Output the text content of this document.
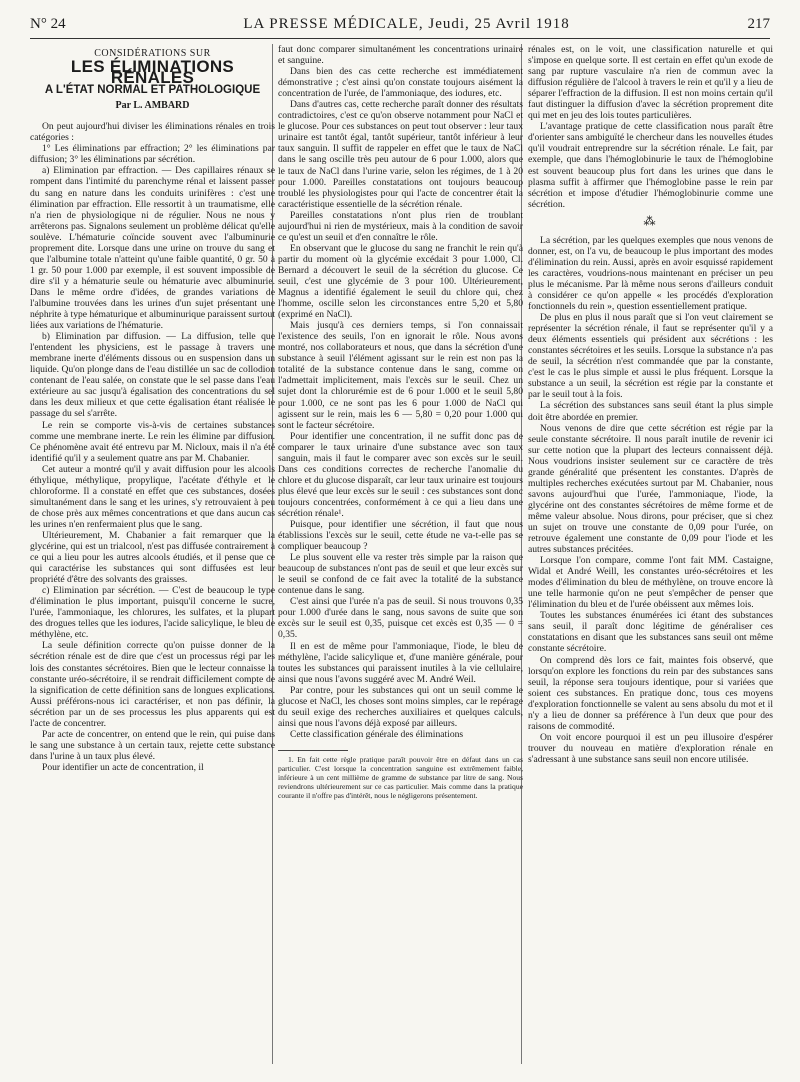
N° 24	LA PRESSE MÉDICALE, Jeudi, 25 Avril 1918	217
CONSIDÉRATIONS SUR
LES ÉLIMINATIONS RÉNALES
A L'ÉTAT NORMAL ET PATHOLOGIQUE
Par L. AMBARD

On peut aujourd'hui diviser les éliminations rénales en trois catégories :

1° Les éliminations par effraction; 2° les éliminations par diffusion; 3° les éliminations par sécrétion.

a) Elimination par effraction. — Des capillaires rénaux se rompent dans l'intimité du parenchyme rénal et laissent passer du sang en nature dans les conduits urinifères : c'est une élimination par effraction. Elle ressortit à un traumatisme, elle n'a rien de physiologique ni de régulier. Nous ne nous y arrêterons pas. Signalons seulement un problème délicat qu'elle soulève. L'hématurie coïncide souvent avec l'albuminurie proprement dite. Lorsque dans une urine on trouve du sang et que l'albumine totale n'atteint qu'une faible quantité, 0 gr. 50 à 1 gr. 50 pour 1.000 par exemple, il est souvent impossible de dire s'il y a hématurie seule ou hématurie avec albuminurie. Dans le même ordre d'idées, de grandes variations de l'albumine trouvées dans les urines d'un sujet présentant une néphrite à type hématurique et albuminurique paraissent surtout liées aux variations de l'hématurie.

b) Elimination par diffusion. — La diffusion, telle que l'entendent les physiciens, est le passage à travers une membrane inerte d'éléments dissous ou en suspension dans un liquide. Qu'on plonge dans de l'eau distillée un sac de collodion contenant de l'eau salée, on constate que le sel passe dans l'eau extérieure au sac jusqu'à égalisation des concentrations du sel dans les deux milieux et que cette égalisation étant réalisée le passage du sel s'arrête.

Le rein se comporte vis-à-vis de certaines substances comme une membrane inerte. Le rein les élimine par diffusion. Ce phénomène avait été entrevu par M. Nicloux, mais il n'a été identifié qu'il y a seulement quatre ans par M. Chabanier.

Cet auteur a montré qu'il y avait diffusion pour les alcools éthylique, méthylique, propylique, l'acétate d'éthyle et le chloroforme. Il a constaté en effet que ces substances, dosées simultanément dans le sang et les urines, s'y retrouvaient à peu de chose près aux mêmes concentrations et que dans aucun cas les urines n'en renfermaient plus que le sang.

Ultérieurement, M. Chabanier a fait remarquer que la glycérine, qui est un trialcool, n'est pas diffusée contrairement à ce qui a lieu pour les autres alcools étudiés, et il pense que ce qui caractérise les substances qui sont diffusées est leur propriété d'être des solvants des graisses.

c) Elimination par sécrétion. — C'est de beaucoup le type d'élimination le plus important, puisqu'il concerne le sucre, l'urée, l'ammoniaque, les chlorures, les sulfates, et la plupart des drogues telles que les iodures, l'acide salicylique, le bleu de méthylène, etc.

La seule définition correcte qu'on puisse donner de la sécrétion rénale est de dire que c'est un processus régi par les lois des constantes sécrétoires. Bien que le lecteur connaisse la constante uréo-sécrétoire, il se rendrait difficilement compte de la signification de cette définition sans de longues explications. Aussi préférons-nous ici caractériser, et non pas définir, la sécrétion par un de ses processus les plus apparents qui est l'acte de concentrer.

Par acte de concentrer, on entend que le rein, qui puise dans le sang une substance à un certain taux, rejette cette substance dans l'urine à un taux plus élevé.

Pour identifier un acte de concentration, il

faut donc comparer simultanément les concentrations urinaire et sanguine.

Dans bien des cas cette recherche est immédiatement démonstrative ; c'est ainsi qu'on constate toujours aisément la concentration de l'urée, de l'ammoniaque, des iodures, etc.

Dans d'autres cas, cette recherche paraît donner des résultats contradictoires, c'est ce qu'on observe notamment pour NaCl et le glucose. Pour ces substances on peut tout observer : leur taux urinaire est tantôt égal, tantôt supérieur, tantôt inférieur à leur taux sanguin. Il suffit de rappeler en effet que le taux de NaCl dans le sang oscille très peu autour de 6 pour 1.000, alors que le taux de NaCl dans l'urine varie, selon les régimes, de 1 à 20 pour 1.000. Pareilles constatations ont toujours beaucoup troublé les physiologistes pour qui l'acte de concentrer était la caractéristique essentielle de la sécrétion rénale.

Pareilles constatations n'ont plus rien de troublant aujourd'hui ni rien de mystérieux, mais à la condition de savoir ce qu'est un seuil et d'en connaître le rôle.

En observant que le glucose du sang ne franchit le rein qu'à partir du moment où la glycémie excédait 3 pour 1.000, Cl. Bernard a découvert le seuil de la sécrétion du glucose. Ce seuil, c'est une glycémie de 3 pour 100. Ultérieurement, Magnus a identifié également le seuil du chlore qui, chez l'homme, oscille selon les circonstances entre 5,20 et 5,80 (exprimé en NaCl).

Mais jusqu'à ces derniers temps, si l'on connaissait l'existence des seuils, l'on en ignorait le rôle. Nous avons montré, nos collaborateurs et nous, que dans la sécrétion d'une substance à seuil l'élément agissant sur le rein est non pas la totalité de la substance contenue dans le sang, comme on l'admettait implicitement, mais l'excès sur le seuil. Chez un sujet dont la chlorurémie est de 6 pour 1.000 et le seuil 5,80 pour 1.000, ce ne sont pas les 6 pour 1.000 de NaCl qui agissent sur le rein, mais les 6 — 5,80 = 0,20 pour 1.000 qui sont le facteur sécrétoire.

Pour identifier une concentration, il ne suffit donc pas de comparer le taux urinaire d'une substance avec son taux sanguin, mais il faut le comparer avec son excès sur le seuil. Dans ces conditions correctes de recherche l'anomalie du chlore et du glucose disparaît, car leur taux urinaire est toujours plus élevé que leur excès sur le seuil : ces substances sont donc toujours concentrées, conformément à ce qui a lieu dans une sécrétion rénale¹.

Puisque, pour identifier une sécrétion, il faut que nous établissions l'excès sur le seuil, cette étude ne va-t-elle pas se compliquer beaucoup ?

Le plus souvent elle va rester très simple par la raison que beaucoup de substances n'ont pas de seuil et que leur excès sur le seuil se confond de ce fait avec la totalité de la substance contenue dans le sang.

C'est ainsi que l'urée n'a pas de seuil. Si nous trouvons 0,35 pour 1.000 d'urée dans le sang, nous savons de suite que son excès sur le seuil est 0,35, puisque cet excès est 0,35 — 0 = 0,35.

Il en est de même pour l'ammoniaque, l'iode, le bleu de méthylène, l'acide salicylique et, d'une manière générale, pour toutes les substances qui paraissent inutiles à la vie cellulaire, ainsi que nous l'avons suggéré avec M. André Weil.

Par contre, pour les substances qui ont un seuil comme le glucose et NaCl, les choses sont moins simples, car le repérage du seuil exige des recherches auxiliaires et quelques calculs, ainsi que nous l'avons déjà exposé par ailleurs.

Cette classification générale des éliminations

1. En fait cette règle pratique paraît pouvoir être en défaut dans un cas particulier. C'est lorsque la concentration sanguine est extrêmement faible, inférieure à un cent millième de gramme de substance par litre de sang. Nous reviendrons ultérieurement sur ce cas particulier. Mais comme dans la pratique courante il n'offre pas d'intérêt, nous le négligerons présentement.

rénales est, on le voit, une classification naturelle et qui s'impose en quelque sorte. Il est certain en effet qu'un exode de sang par rupture vasculaire n'a rien de commun avec la diffusion régulière de l'alcool à travers le rein et qu'il y a lieu de séparer l'effraction de la diffusion. Il est non moins certain qu'il faut distinguer la diffusion d'avec la sécrétion proprement dite qui met en jeu des lois toutes particulières.

L'avantage pratique de cette classification nous paraît être d'orienter sans ambiguïté le chercheur dans les nouvelles études qu'il voudrait entreprendre sur la sécrétion rénale. Le fait, par exemple, que dans l'hémoglobinurie le taux de l'hémoglobine est souvent beaucoup plus fort dans les urines que dans le plasma suffit à affirmer que l'hémoglobine passe le rein par sécrétion et impose d'étudier l'hémoglobinurie comme une sécrétion.

⁂

La sécrétion, par les quelques exemples que nous venons de donner, est, on l'a vu, de beaucoup le plus important des modes d'élimination du rein. Aussi, après en avoir esquissé rapidement les caractères, voudrions-nous maintenant en préciser un peu plus le mécanisme. Par là même nous serons d'ailleurs conduit à considérer ce qu'on appelle « les procédés d'exploration fonctionnels du rein », question essentiellement pratique.

De plus en plus il nous paraît que si l'on veut clairement se représenter la sécrétion rénale, il faut se représenter qu'il y a deux éléments essentiels qui président aux sécrétions : les constantes sécrétoires et les seuils. Lorsque la substance n'a pas de seuil, la sécrétion n'est commandée que par la constante, c'est le cas le plus simple et aussi le plus fréquent. Lorsque la substance a un seuil, la sécrétion est régie par la constante et par le seuil tout à la fois.

La sécrétion des substances sans seuil étant la plus simple doit être abordée en premier.

Nous venons de dire que cette sécrétion est régie par la seule constante sécrétoire. Il nous paraît inutile de revenir ici sur cette notion que la plupart des lecteurs connaissent déjà. Nous voudrions insister seulement sur ce caractère de très grande généralité que présentent les constantes. D'après de multiples recherches exécutées surtout par M. Chabanier, nous savons aujourd'hui que l'urée, l'ammoniaque, l'iode, la glycérine ont des constantes sécrétoires de même forme et de même valeur absolue. Nous dirons, pour préciser, que si chez un sujet on trouve une constante de 0,09 pour l'urée, on retrouve également une constante de 0,09 pour l'iode et les autres substances précitées.

Lorsque l'on compare, comme l'ont fait MM. Castaigne, Widal et André Weill, les constantes uréo-sécrétoires et les modes d'élimination du bleu de méthylène, on trouve encore là une telle harmonie qu'on ne peut s'empêcher de penser que l'élimination du bleu et de l'urée obéissent aux mêmes lois.

Toutes les substances énumérées ici étant des substances sans seuil, il paraît donc légitime de généraliser ces constatations en disant que les substances sans seuil ont même constante sécrétoire.

On comprend dès lors ce fait, maintes fois observé, que lorsqu'on explore les fonctions du rein par des substances sans seuil, la réponse sera toujours identique, pour si variées que soient ces substances. En pratique donc, tous ces moyens d'exploration fonctionnelle se valent au sens absolu du mot et il n'y a lieu de donner sa préférence à l'un deux que pour des raisons de commodité.

On voit encore pourquoi il est un peu illusoire d'espérer trouver du nouveau en matière d'exploration rénale en s'adressant à une substance sans seuil non encore utilisée.
